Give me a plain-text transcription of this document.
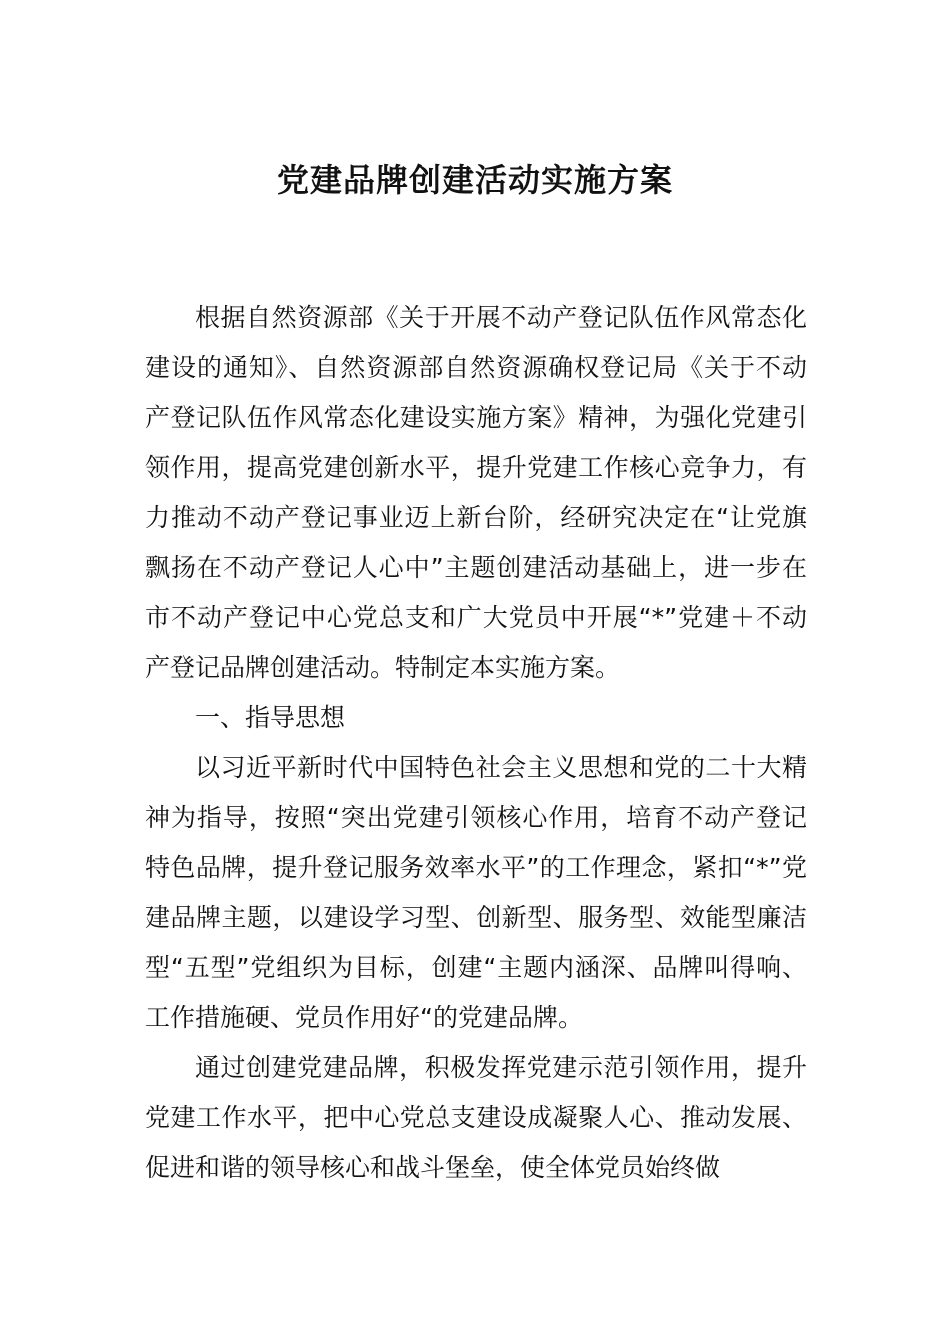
党建品牌创建活动实施方案

根据自然资源部《关于开展不动产登记队伍作风常态化建设的通知》、自然资源部自然资源确权登记局《关于不动产登记队伍作风常态化建设实施方案》精神，为强化党建引领作用，提高党建创新水平，提升党建工作核心竞争力，有力推动不动产登记事业迈上新台阶，经研究决定在“让党旗飘扬在不动产登记人心中”主题创建活动基础上，进一步在市不动产登记中心党总支和广大党员中开展“*”党建＋不动产登记品牌创建活动。特制定本实施方案。

一、指导思想

以习近平新时代中国特色社会主义思想和党的二十大精神为指导，按照“突出党建引领核心作用，培育不动产登记特色品牌，提升登记服务效率水平”的工作理念，紧扣“*”党建品牌主题，以建设学习型、创新型、服务型、效能型廉洁型“五型”党组织为目标，创建“主题内涵深、品牌叫得响、工作措施硬、党员作用好“的党建品牌。

通过创建党建品牌，积极发挥党建示范引领作用，提升党建工作水平，把中心党总支建设成凝聚人心、推动发展、促进和谐的领导核心和战斗堡垒，使全体党员始终做
